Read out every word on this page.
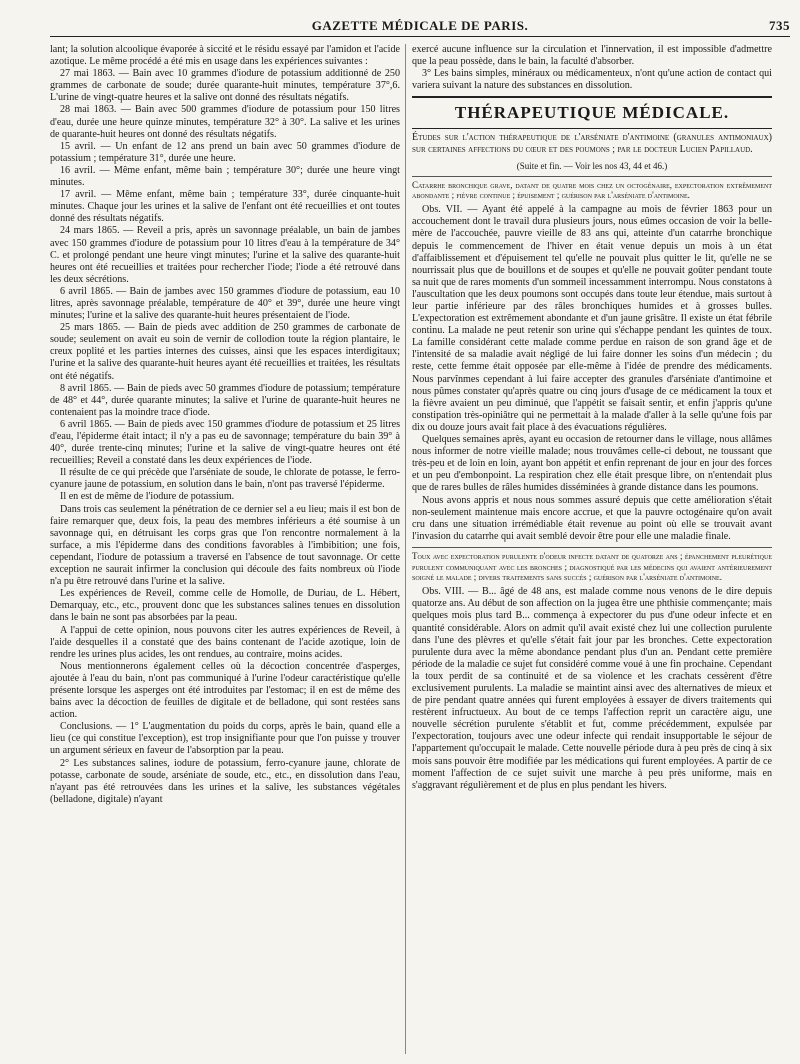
GAZETTE MÉDICALE DE PARIS.	735

lant; la solution alcoolique évaporée à siccité et le résidu essayé par l'amidon et l'acide azotique. Le même procédé a été mis en usage dans les expériences suivantes :

27 mai 1863. — Bain avec 10 grammes d'iodure de potassium additionné de 250 grammes de carbonate de soude; durée quarante-huit minutes, température 37°,6. L'urine de vingt-quatre heures et la salive ont donné des résultats négatifs.

28 mai 1863. — Bain avec 500 grammes d'iodure de potassium pour 150 litres d'eau, durée une heure quinze minutes, température 32° à 30°. La salive et les urines de quarante-huit heures ont donné des résultats négatifs.

15 avril. — Un enfant de 12 ans prend un bain avec 50 grammes d'iodure de potassium ; température 31°, durée une heure.

16 avril. — Même enfant, même bain ; température 30°; durée une heure vingt minutes.

17 avril. — Même enfant, même bain ; température 33°, durée cinquante-huit minutes. Chaque jour les urines et la salive de l'enfant ont été recueillies et ont toutes donné des résultats négatifs.

24 mars 1865. — Reveil a pris, après un savonnage préalable, un bain de jambes avec 150 grammes d'iodure de potassium pour 10 litres d'eau à la température de 34° C. et prolongé pendant une heure vingt minutes; l'urine et la salive des quarante-huit heures ont été recueillies et traitées pour rechercher l'iode; l'iode a été retrouvé dans les deux sécrétions.

6 avril 1865. — Bain de jambes avec 150 grammes d'iodure de potassium, eau 10 litres, après savonnage préalable, température de 40° et 39°, durée une heure vingt minutes; l'urine et la salive des quarante-huit heures présentaient de l'iode.

25 mars 1865. — Bain de pieds avec addition de 250 grammes de carbonate de soude; seulement on avait eu soin de vernir de collodion toute la région plantaire, le creux poplité et les parties internes des cuisses, ainsi que les espaces interdigitaux; l'urine et la salive des quarante-huit heures ayant été recueillies et traitées, les résultats ont été négatifs.

8 avril 1865. — Bain de pieds avec 50 grammes d'iodure de potassium; température de 48° et 44°, durée quarante minutes; la salive et l'urine de quarante-huit heures ne contenaient pas la moindre trace d'iode.

6 avril 1865. — Bain de pieds avec 150 grammes d'iodure de potassium et 25 litres d'eau, l'épiderme était intact; il n'y a pas eu de savonnage; température du bain 39° à 40°, durée trente-cinq minutes; l'urine et la salive de vingt-quatre heures ont été recueillies; Reveil a constaté dans les deux expériences de l'iode.

Il résulte de ce qui précède que l'arséniate de soude, le chlorate de potasse, le ferro-cyanure jaune de potassium, en solution dans le bain, n'ont pas traversé l'épiderme.

Il en est de même de l'iodure de potassium.

Dans trois cas seulement la pénétration de ce dernier sel a eu lieu; mais il est bon de faire remarquer que, deux fois, la peau des membres inférieurs a été soumise à un savonnage qui, en détruisant les corps gras que l'on rencontre normalement à la surface, a mis l'épiderme dans des conditions favorables à l'imbibition; une fois, cependant, l'iodure de potassium a traversé en l'absence de tout savonnage. Or cette exception ne saurait infirmer la conclusion qui découle des faits nombreux où l'iode n'a pu être retrouvé dans l'urine et la salive.

Les expériences de Reveil, comme celle de Homolle, de Duriau, de L. Hébert, Demarquay, etc., etc., prouvent donc que les substances salines tenues en dissolution dans le bain ne sont pas absorbées par la peau.

A l'appui de cette opinion, nous pouvons citer les autres expériences de Reveil, à l'aide desquelles il a constaté que des bains contenant de l'acide azotique, loin de rendre les urines plus acides, les ont rendues, au contraire, moins acides.

Nous mentionnerons également celles où la décoction concentrée d'asperges, ajoutée à l'eau du bain, n'ont pas communiqué à l'urine l'odeur caractéristique qu'elle présente lorsque les asperges ont été introduites par l'estomac; il en est de même des bains avec la décoction de feuilles de digitale et de belladone, qui sont restées sans action.

Conclusions. — 1° L'augmentation du poids du corps, après le bain, quand elle a lieu (ce qui constitue l'exception), est trop insignifiante pour que l'on puisse y trouver un argument sérieux en faveur de l'absorption par la peau.

2° Les substances salines, iodure de potassium, ferro-cyanure jaune, chlorate de potasse, carbonate de soude, arséniate de soude, etc., etc., en dissolution dans l'eau, n'ayant pas été retrouvées dans les urines et la salive, les substances végétales (belladone, digitale) n'ayant

exercé aucune influence sur la circulation et l'innervation, il est impossible d'admettre que la peau possède, dans le bain, la faculté d'absorber.

3° Les bains simples, minéraux ou médicamenteux, n'ont qu'une action de contact qui variera suivant la nature des substances en dissolution.

THÉRAPEUTIQUE MÉDICALE.

Études sur l'action thérapeutique de l'arséniate d'antimoine (granules antimoniaux) sur certaines affections du cœur et des poumons ; par le docteur Lucien Papillaud.

(Suite et fin. — Voir les nos 43, 44 et 46.)

Catarrhe bronchique grave, datant de quatre mois chez un octogénaire, expectoration extrêmement abondante ; fièvre continue ; épuisement ; guérison par l'arséniate d'antimoine.

Obs. VII. — Ayant été appelé à la campagne au mois de février 1863 pour un accouchement dont le travail dura plusieurs jours, nous eûmes occasion de voir la belle-mère de l'accouchée, pauvre vieille de 83 ans qui, atteinte d'un catarrhe bronchique depuis le commencement de l'hiver en était venue depuis un mois à un état d'affaiblissement et d'épuisement tel qu'elle ne pouvait plus quitter le lit, qu'elle ne se nourrissait plus que de bouillons et de soupes et qu'elle ne pouvait goûter pendant toute sa nuit que de rares moments d'un sommeil incessamment interrompu. Nous constatons à l'auscultation que les deux poumons sont occupés dans toute leur étendue, mais surtout à leur partie inférieure par des râles bronchiques humides et à grosses bulles. L'expectoration est extrêmement abondante et d'un jaune grisâtre. Il existe un état fébrile continu. La malade ne peut retenir son urine qui s'échappe pendant les quintes de toux. La famille considérant cette malade comme perdue en raison de son grand âge et de l'intensité de sa maladie avait négligé de lui faire donner les soins d'un médecin ; du reste, cette femme était opposée par elle-même à l'idée de prendre des médicaments. Nous parvînmes cependant à lui faire accepter des granules d'arséniate d'antimoine et nous pûmes constater qu'après quatre ou cinq jours d'usage de ce médicament la toux et la fièvre avaient un peu diminué, que l'appétit se faisait sentir, et enfin j'appris qu'une constipation très-opiniâtre qui ne permettait à la malade d'aller à la selle qu'une fois par dix ou douze jours avait fait place à des évacuations régulières.

Quelques semaines après, ayant eu occasion de retourner dans le village, nous allâmes nous informer de notre vieille malade; nous trouvâmes celle-ci debout, ne toussant que très-peu et de loin en loin, ayant bon appétit et enfin reprenant de jour en jour des forces et un peu d'embonpoint. La respiration chez elle était presque libre, on n'entendait plus que de rares bulles de râles humides disséminées à grande distance dans les poumons.

Nous avons appris et nous nous sommes assuré depuis que cette amélioration s'était non-seulement maintenue mais encore accrue, et que la pauvre octogénaire qu'on avait cru dans une situation irrémédiable était revenue au point où elle se trouvait avant l'invasion du catarrhe qui avait semblé devoir être pour elle une maladie finale.

Toux avec expectoration purulente d'odeur infecte datant de quatorze ans ; épanchement pleurétique purulent communiquant avec les bronches ; diagnostiqué par les médecins qui avaient antérieurement soigné le malade ; divers traitements sans succès ; guérison par l'arséniate d'antimoine.

Obs. VIII. — B... âgé de 48 ans, est malade comme nous venons de le dire depuis quatorze ans. Au début de son affection on la jugea être une phthisie commençante; mais quelques mois plus tard B... commença à expectorer du pus d'une odeur infecte et en quantité considérable. Alors on admit qu'il avait existé chez lui une collection purulente dans l'une des plèvres et qu'elle s'était fait jour par les bronches. Cette expectoration purulente dura avec la même abondance pendant plus d'un an. Pendant cette première période de la maladie ce sujet fut considéré comme voué à une fin prochaine. Cependant la toux perdit de sa continuité et de sa violence et les crachats cessèrent d'être exclusivement purulents. La maladie se maintint ainsi avec des alternatives de mieux et de pire pendant quatre années qui furent employées à essayer de divers traitements qui restèrent infructueux. Au bout de ce temps l'affection reprit un caractère aigu, une nouvelle sécrétion purulente s'établit et fut, comme précédemment, expulsée par l'expectoration, toujours avec une odeur infecte qui rendait insupportable le séjour de l'appartement qu'occupait le malade. Cette nouvelle période dura à peu près de cinq à six mois sans pouvoir être modifiée par les médications qui furent employées. A partir de ce moment l'affection de ce sujet suivit une marche à peu près uniforme, mais en s'aggravant régulièrement et de plus en plus pendant les hivers.
